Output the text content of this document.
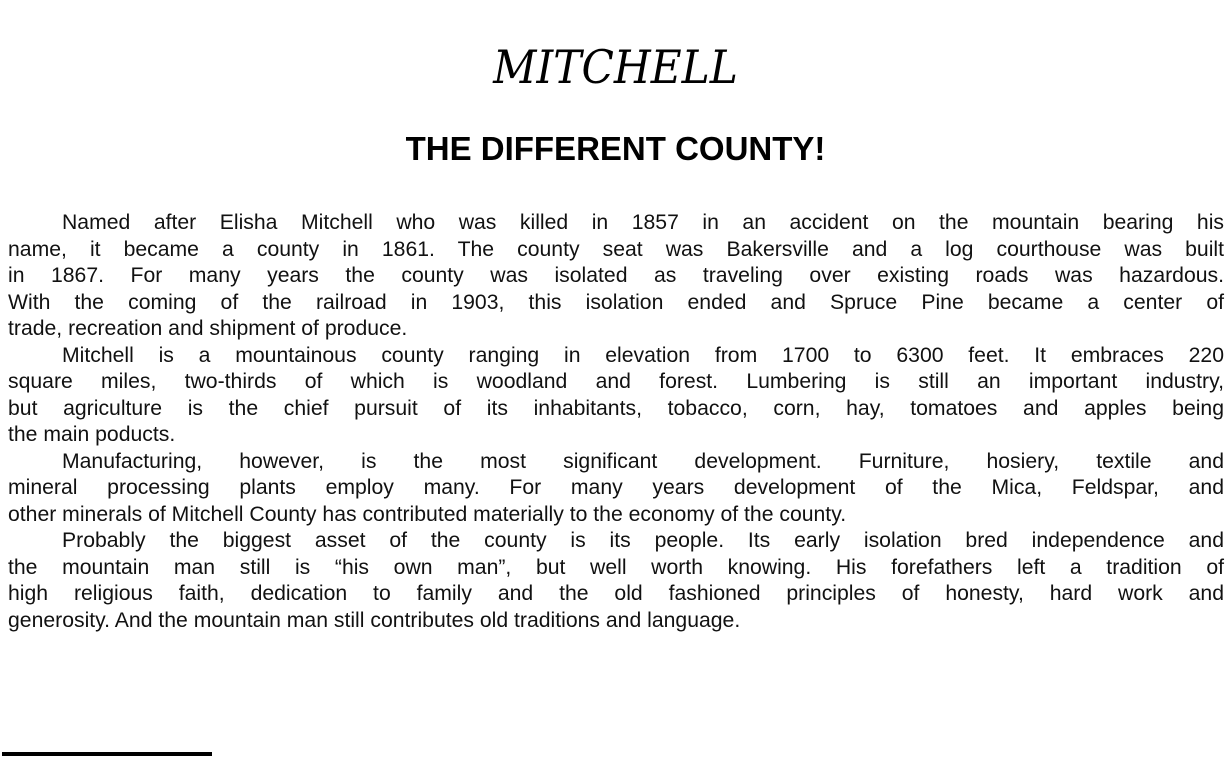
MITCHELL
THE DIFFERENT COUNTY!
Named after Elisha Mitchell who was killed in 1857 in an accident on the mountain bearing his
name, it became a county in 1861. The county seat was Bakersville and a log courthouse was built
in 1867. For many years the county was isolated as traveling over existing roads was hazardous.
With the coming of the railroad in 1903, this isolation ended and Spruce Pine became a center of
trade, recreation and shipment of produce.
Mitchell is a mountainous county ranging in elevation from 1700 to 6300 feet. It embraces 220
square miles, two-thirds of which is woodland and forest. Lumbering is still an important industry,
but agriculture is the chief pursuit of its inhabitants, tobacco, corn, hay, tomatoes and apples being
the main poducts.
Manufacturing, however, is the most significant development. Furniture, hosiery, textile and
mineral processing plants employ many. For many years development of the Mica, Feldspar, and
other minerals of Mitchell County has contributed materially to the economy of the county.
Probably the biggest asset of the county is its people. Its early isolation bred independence and
the mountain man still is “his own man”, but well worth knowing. His forefathers left a tradition of
high religious faith, dedication to family and the old fashioned principles of honesty, hard work and
generosity. And the mountain man still contributes old traditions and language.
